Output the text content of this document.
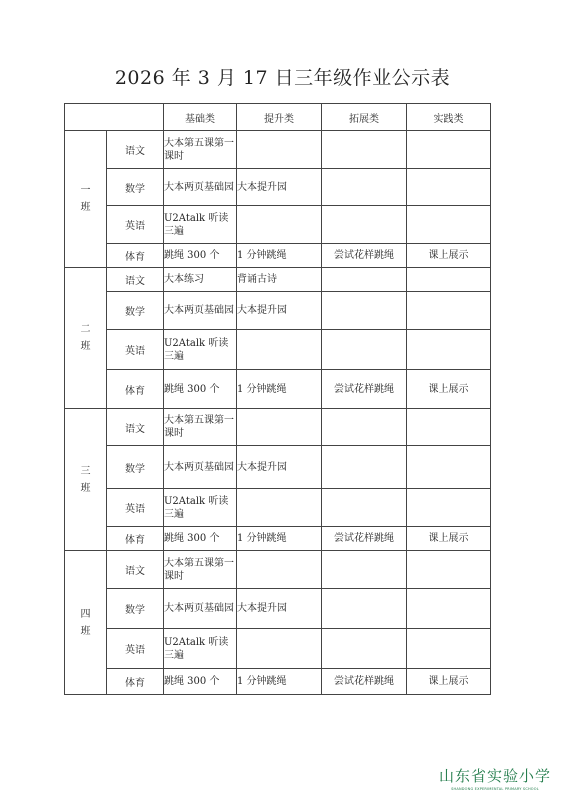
2026 年 3 月 17 日三年级作业公示表
		基础类	提升类	拓展类	实践类

一
班	语文	大本第五课第一课时			
	数学	大本两页基础园	大本提升园		
	英语	U2Atalk 听读三遍			
	体育	跳绳 300 个	1 分钟跳绳	尝试花样跳绳	课上展示

二
班	语文	大本练习	背诵古诗		
	数学	大本两页基础园	大本提升园		
	英语	U2Atalk 听读三遍			
	体育	跳绳 300 个	1 分钟跳绳	尝试花样跳绳	课上展示

三
班	语文	大本第五课第一课时			
	数学	大本两页基础园	大本提升园		
	英语	U2Atalk 听读三遍			
	体育	跳绳 300 个	1 分钟跳绳	尝试花样跳绳	课上展示

四
班	语文	大本第五课第一课时			
	数学	大本两页基础园	大本提升园		
	英语	U2Atalk 听读三遍			
	体育	跳绳 300 个	1 分钟跳绳	尝试花样跳绳	课上展示
山东省实验小学
SHANDONG EXPERIMENTAL PRIMARY SCHOOL
